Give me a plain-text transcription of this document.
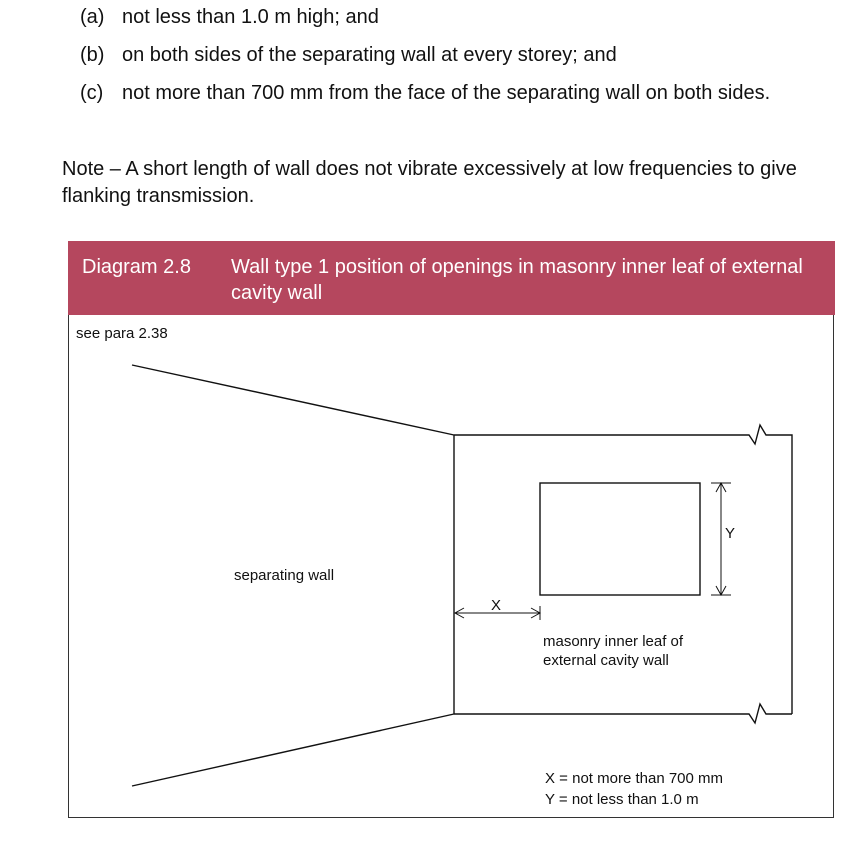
(a) not less than 1.0 m high; and
(b) on both sides of the separating wall at every storey; and
(c) not more than 700 mm from the face of the separating wall on both sides.
Note – A short length of wall does not vibrate excessively at low frequencies to give flanking transmission.
Diagram 2.8 Wall type 1 position of openings in masonry inner leaf of external cavity wall
see para 2.38
separating wall
X
Y
masonry inner leaf of external cavity wall
X = not more than 700 mm
Y = not less than 1.0 m
